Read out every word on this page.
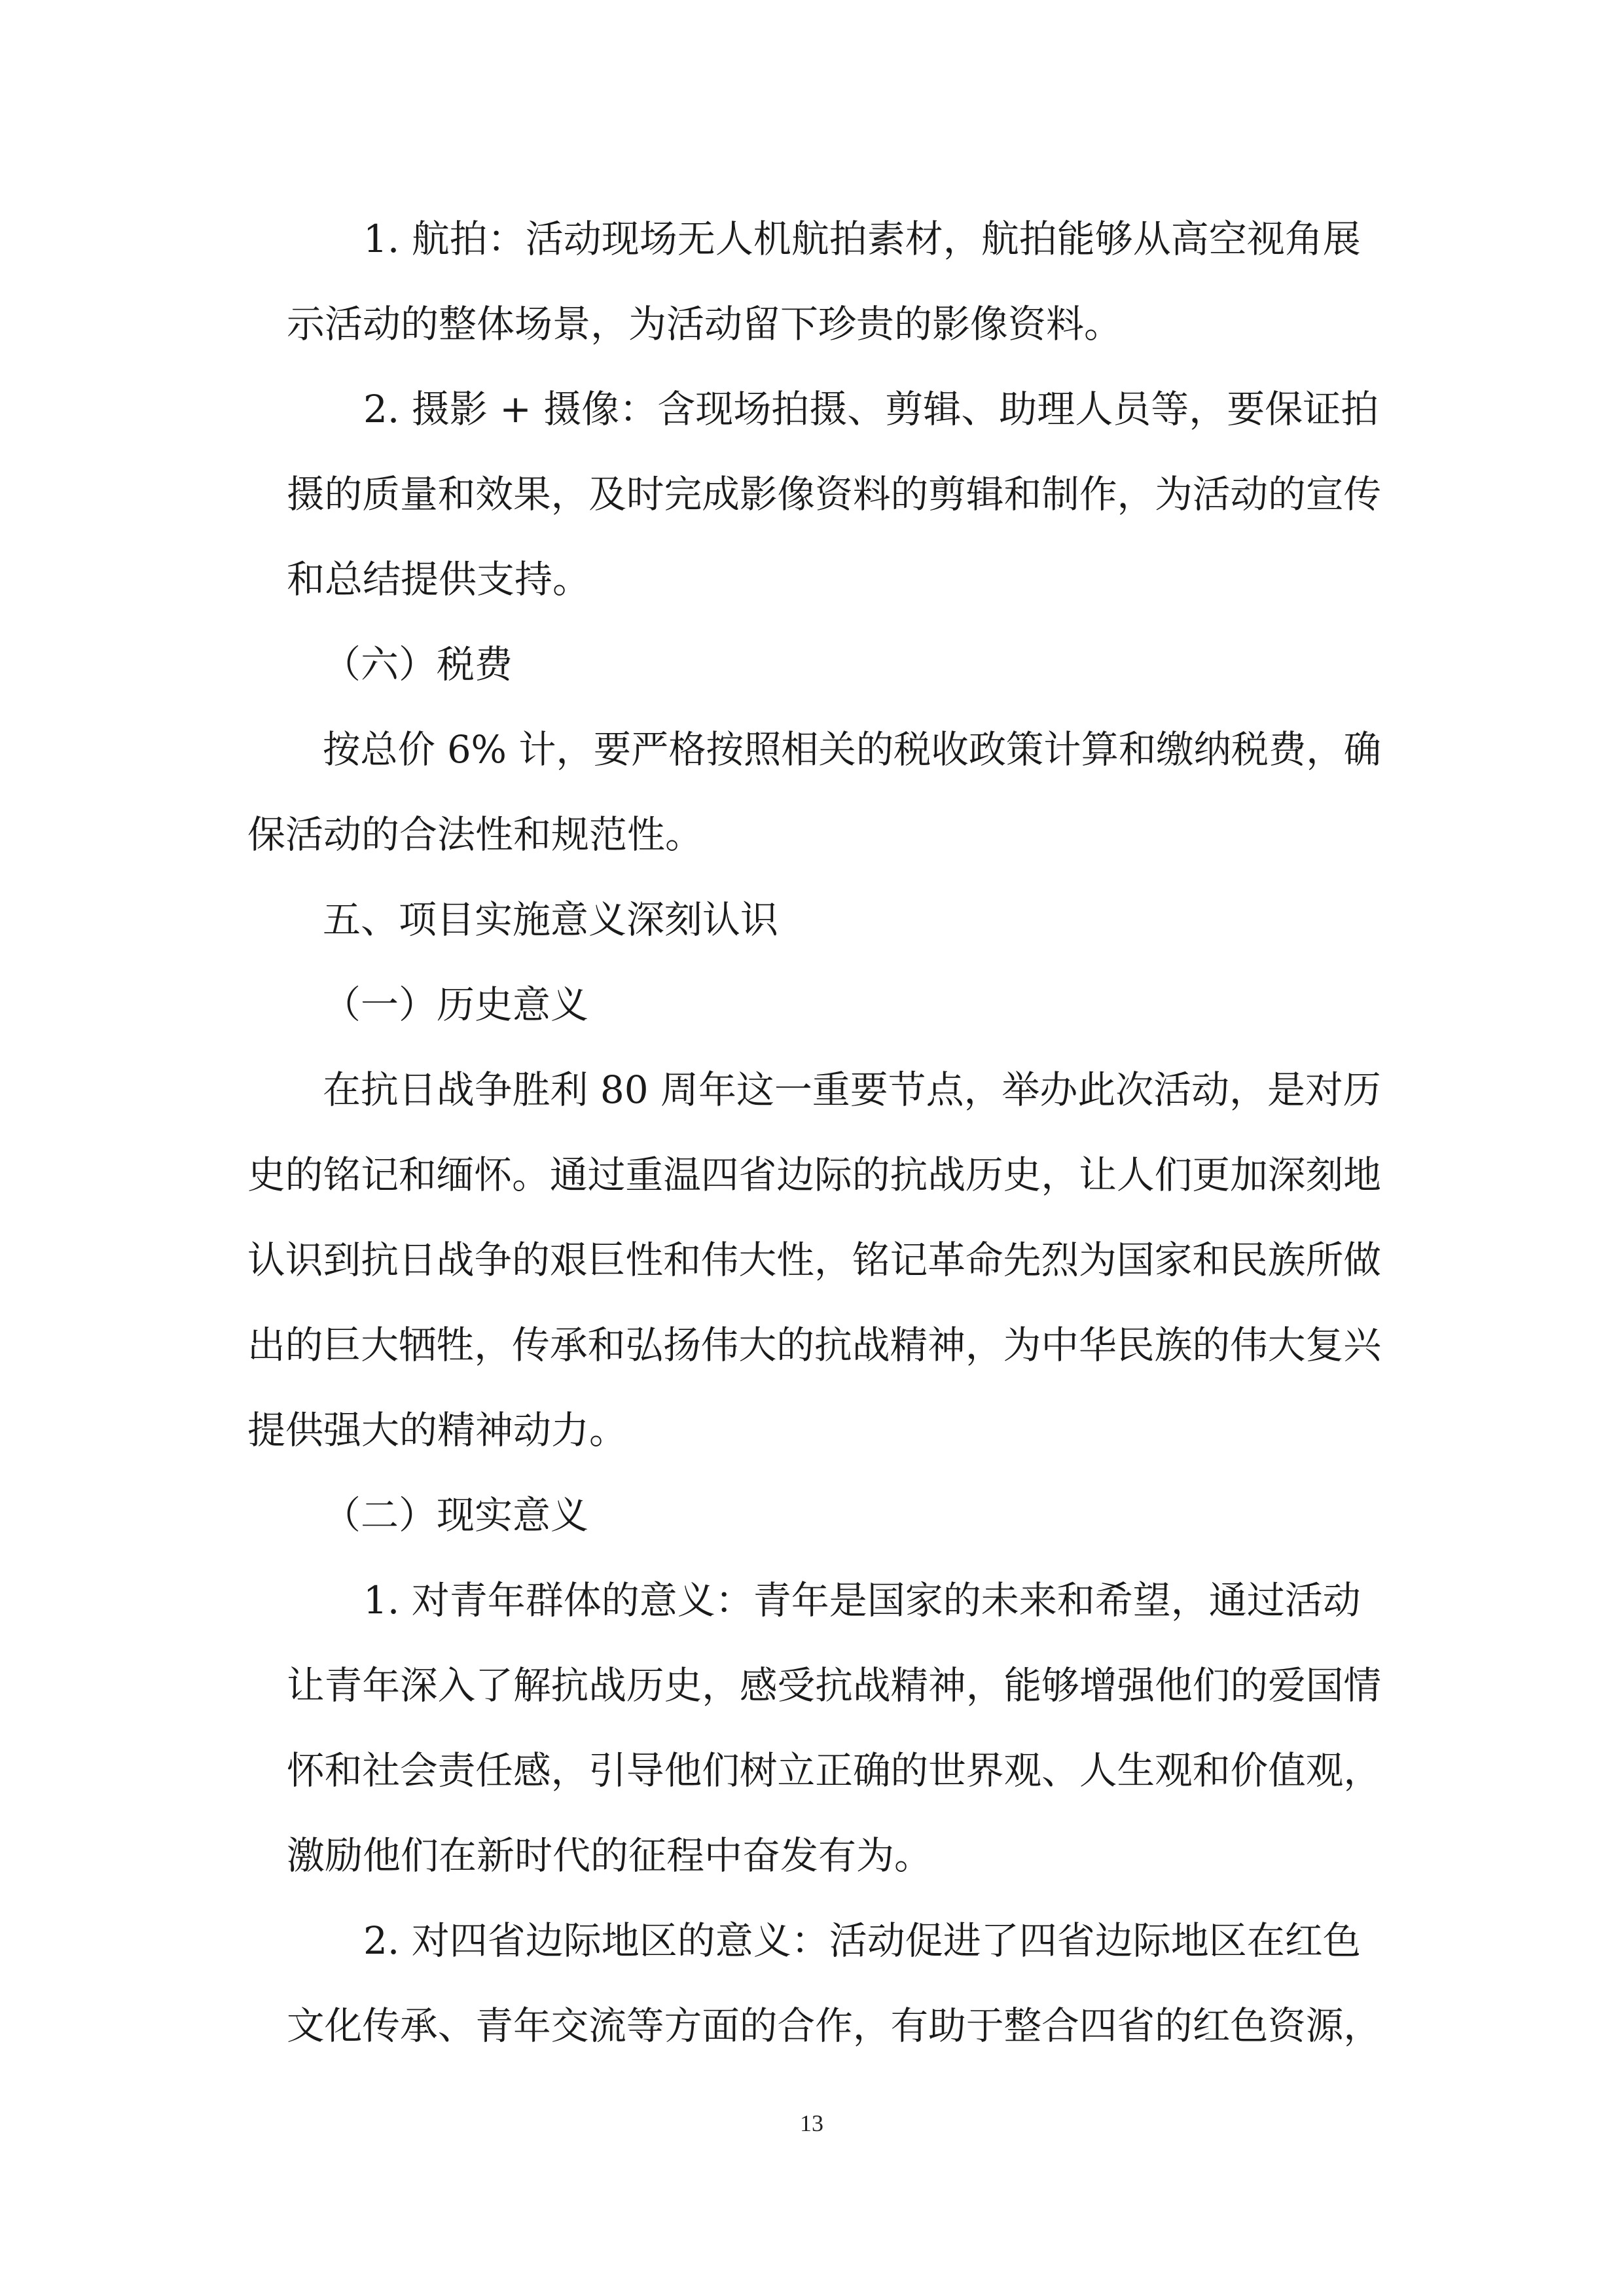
1. 航拍：活动现场无人机航拍素材，航拍能够从高空视角展
示活动的整体场景，为活动留下珍贵的影像资料。
2. 摄影 + 摄像：含现场拍摄、剪辑、助理人员等，要保证拍
摄的质量和效果，及时完成影像资料的剪辑和制作，为活动的宣传
和总结提供支持。
（六）税费
按总价 6% 计，要严格按照相关的税收政策计算和缴纳税费，确
保活动的合法性和规范性。
五、项目实施意义深刻认识
（一）历史意义
在抗日战争胜利 80 周年这一重要节点，举办此次活动，是对历
史的铭记和缅怀。通过重温四省边际的抗战历史，让人们更加深刻地
认识到抗日战争的艰巨性和伟大性，铭记革命先烈为国家和民族所做
出的巨大牺牲，传承和弘扬伟大的抗战精神，为中华民族的伟大复兴
提供强大的精神动力。
（二）现实意义
1. 对青年群体的意义：青年是国家的未来和希望，通过活动
让青年深入了解抗战历史，感受抗战精神，能够增强他们的爱国情
怀和社会责任感，引导他们树立正确的世界观、人生观和价值观，
激励他们在新时代的征程中奋发有为。
2. 对四省边际地区的意义：活动促进了四省边际地区在红色
文化传承、青年交流等方面的合作，有助于整合四省的红色资源，
13
